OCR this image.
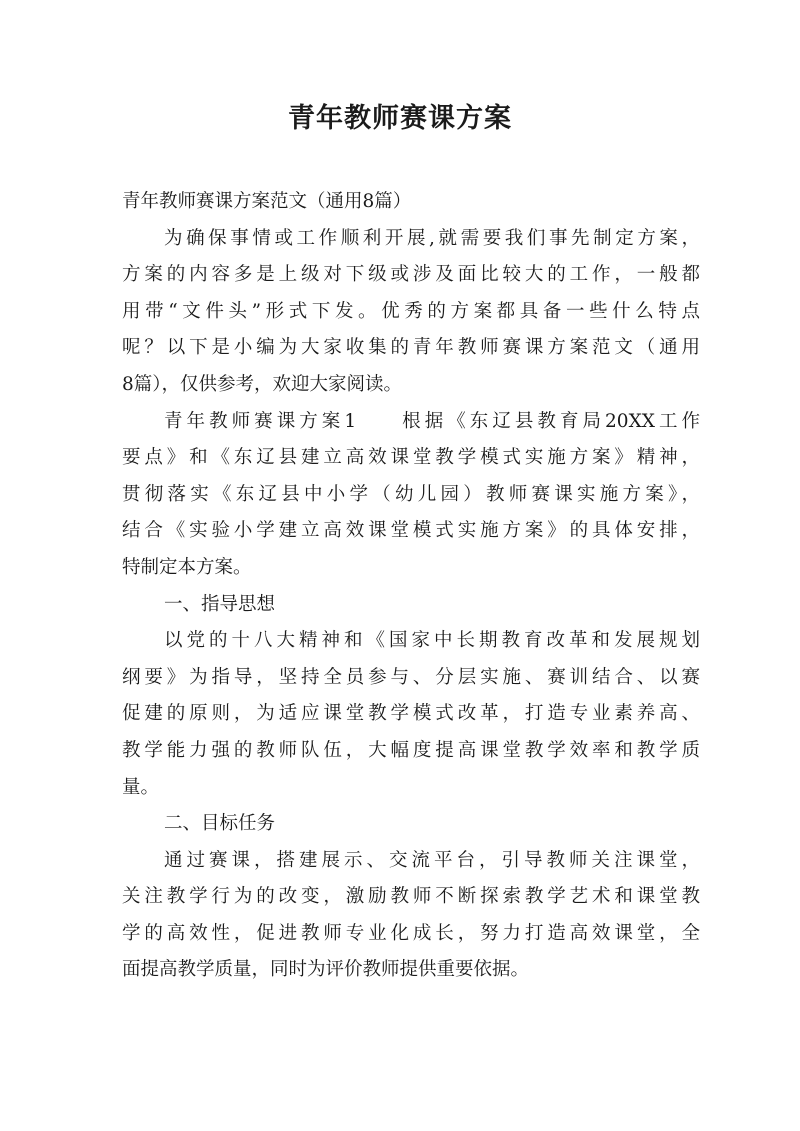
青年教师赛课方案
青年教师赛课方案范文（通用8篇）
为确保事情或工作顺利开展,就需要我们事先制定方案，
方案的内容多是上级对下级或涉及面比较大的工作，一般都
用带“文件头”形式下发。优秀的方案都具备一些什么特点
呢？以下是小编为大家收集的青年教师赛课方案范文（通用
8篇），仅供参考，欢迎大家阅读。
青年教师赛课方案1 根据《东辽县教育局20XX工作
要点》和《东辽县建立高效课堂教学模式实施方案》精神，
贯彻落实《东辽县中小学（幼儿园）教师赛课实施方案》，
结合《实验小学建立高效课堂模式实施方案》的具体安排，
特制定本方案。
一、指导思想
以党的十八大精神和《国家中长期教育改革和发展规划
纲要》为指导，坚持全员参与、分层实施、赛训结合、以赛
促建的原则，为适应课堂教学模式改革，打造专业素养高、
教学能力强的教师队伍，大幅度提高课堂教学效率和教学质
量。
二、目标任务
通过赛课，搭建展示、交流平台，引导教师关注课堂，
关注教学行为的改变，激励教师不断探索教学艺术和课堂教
学的高效性，促进教师专业化成长，努力打造高效课堂，全
面提高教学质量，同时为评价教师提供重要依据。
